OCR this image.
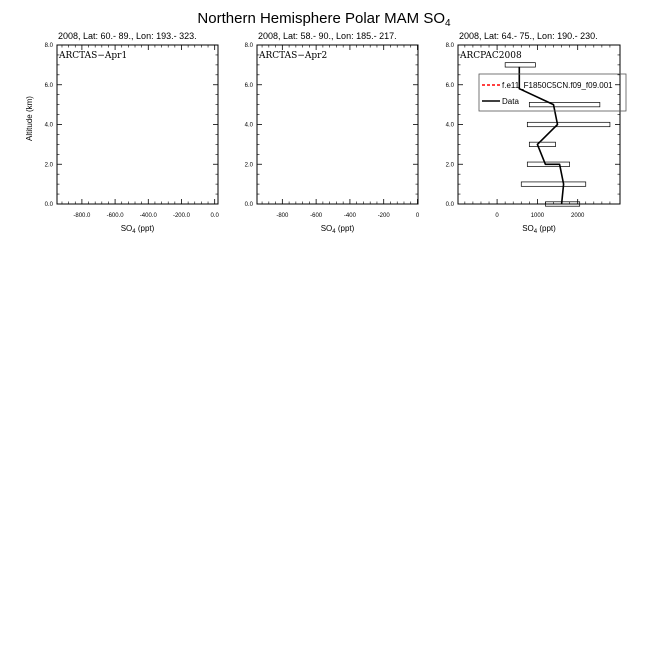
Northern Hemisphere Polar MAM $SO_4$
2008, Lat: 60.- 89., Lon: 193.- 323.
ARCTAS−Apr1
0.0
2.0
4.0
6.0
8.0
-800.0	-600.0	-400.0	-200.0	0.0
$SO_4$ (ppt)
Altitude (km)
2008, Lat: 58.- 90., Lon: 185.- 217.
ARCTAS−Apr2
0.0
2.0
4.0
6.0
8.0
-800	-600	-400	-200	0
$SO_4$ (ppt)
2008, Lat: 64.- 75., Lon: 190.- 230.
ARCPAC2008
0.0
2.0
4.0
6.0
8.0
0	1000	2000
$SO_4$ (ppt)
f.e11_F1850C5CN.f09_f09.001
Data
